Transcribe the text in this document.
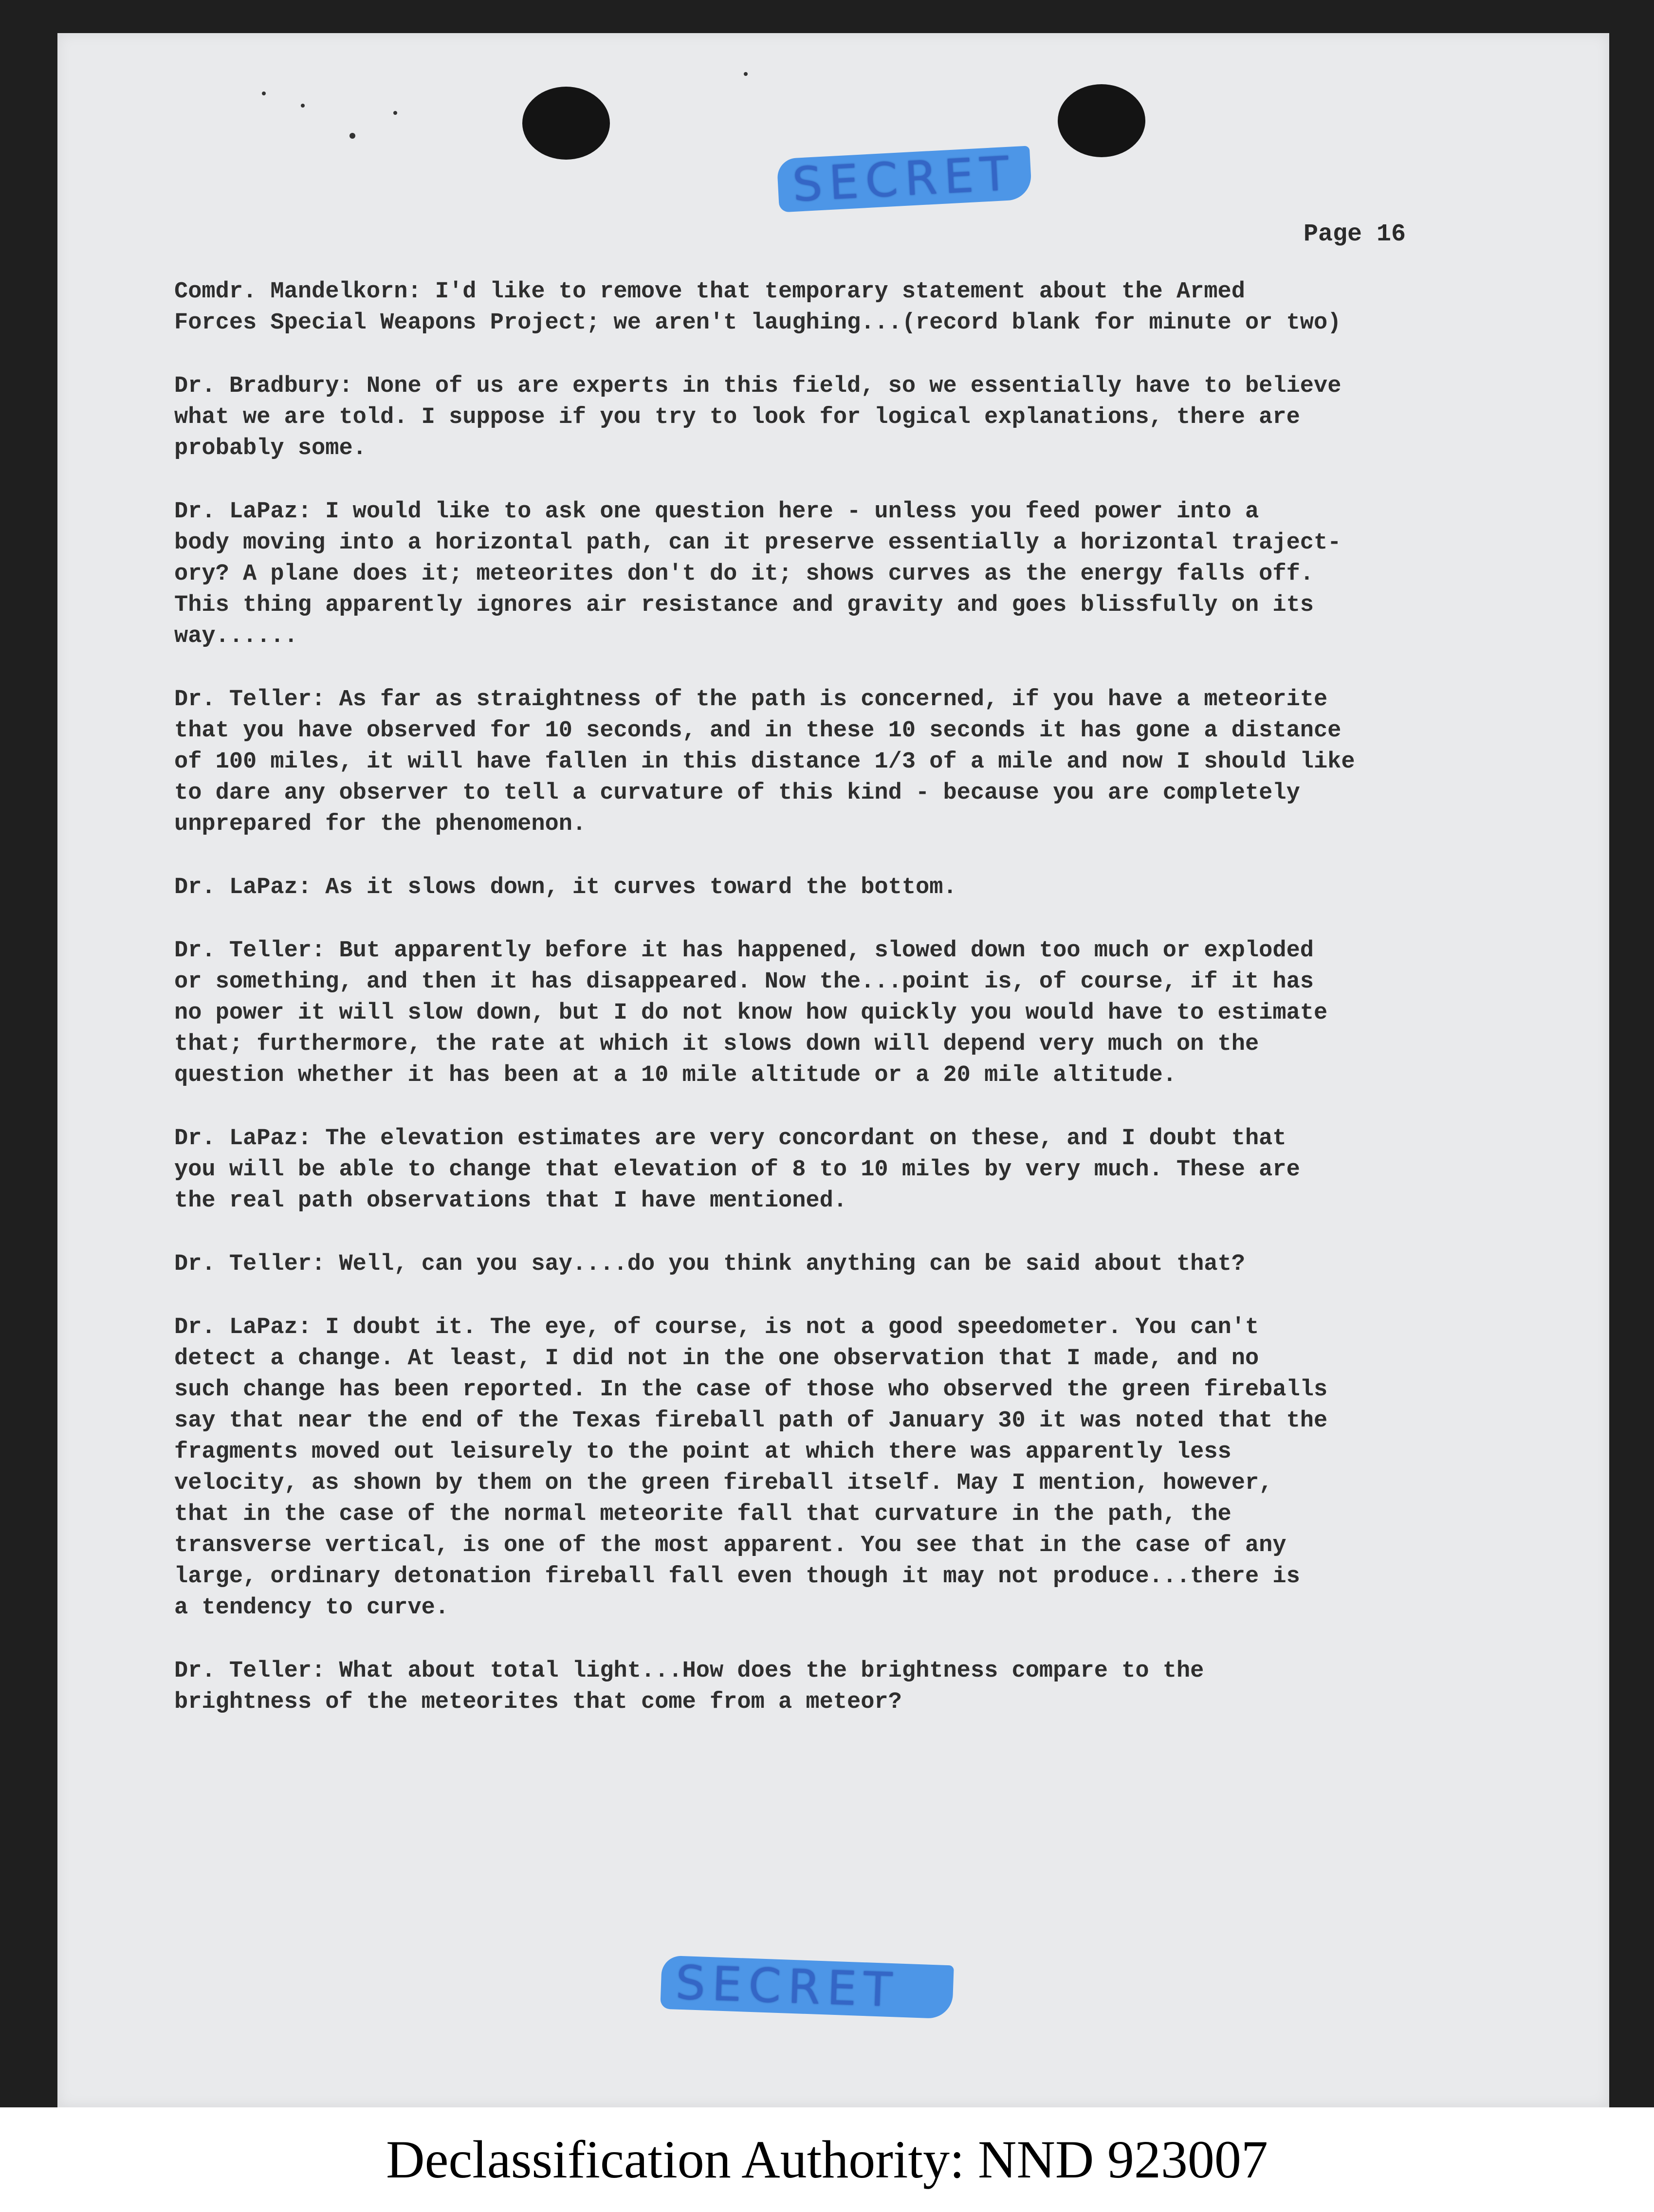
SECRET
Page 16

Comdr. Mandelkorn: I'd like to remove that temporary statement about the Armed
Forces Special Weapons Project; we aren't laughing...(record blank for minute or two)

Dr. Bradbury: None of us are experts in this field, so we essentially have to believe
what we are told. I suppose if you try to look for logical explanations, there are
probably some.

Dr. LaPaz: I would like to ask one question here - unless you feed power into a
body moving into a horizontal path, can it preserve essentially a horizontal traject-
ory? A plane does it; meteorites don't do it; shows curves as the energy falls off.
This thing apparently ignores air resistance and gravity and goes blissfully on its
way......

Dr. Teller: As far as straightness of the path is concerned, if you have a meteorite
that you have observed for 10 seconds, and in these 10 seconds it has gone a distance
of 100 miles, it will have fallen in this distance 1/3 of a mile and now I should like
to dare any observer to tell a curvature of this kind - because you are completely
unprepared for the phenomenon.

Dr. LaPaz: As it slows down, it curves toward the bottom.

Dr. Teller: But apparently before it has happened, slowed down too much or exploded
or something, and then it has disappeared. Now the...point is, of course, if it has
no power it will slow down, but I do not know how quickly you would have to estimate
that; furthermore, the rate at which it slows down will depend very much on the
question whether it has been at a 10 mile altitude or a 20 mile altitude.

Dr. LaPaz: The elevation estimates are very concordant on these, and I doubt that
you will be able to change that elevation of 8 to 10 miles by very much. These are
the real path observations that I have mentioned.

Dr. Teller: Well, can you say....do you think anything can be said about that?

Dr. LaPaz: I doubt it. The eye, of course, is not a good speedometer. You can't
detect a change. At least, I did not in the one observation that I made, and no
such change has been reported. In the case of those who observed the green fireballs
say that near the end of the Texas fireball path of January 30 it was noted that the
fragments moved out leisurely to the point at which there was apparently less
velocity, as shown by them on the green fireball itself. May I mention, however,
that in the case of the normal meteorite fall that curvature in the path, the
transverse vertical, is one of the most apparent. You see that in the case of any
large, ordinary detonation fireball fall even though it may not produce...there is
a tendency to curve.

Dr. Teller: What about total light...How does the brightness compare to the
brightness of the meteorites that come from a meteor?

SECRET
Declassification Authority: NND 923007
